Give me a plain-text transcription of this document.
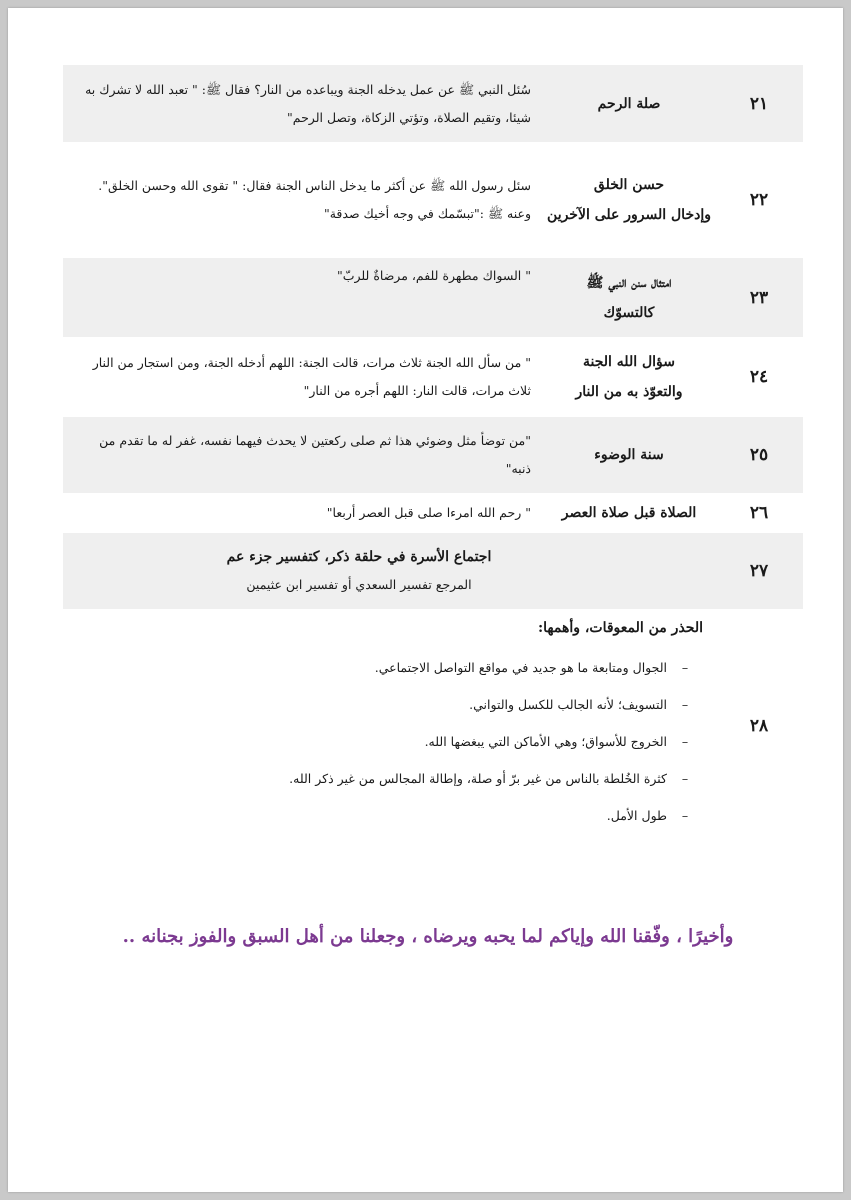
٢١
صلة الرحم

سُئل النبي ﷺ عن عمل يدخله الجنة ويباعده من النار؟ فقال ﷺ: " تعبد الله لا تشرك به شيئا، وتقيم الصلاة، وتؤتي الزكاة، وتصل الرحم"

٢٢
حسن الخلق
وإدخال السرور على الآخرين

سئل رسول الله ﷺ عن أكثر ما يدخل الناس الجنة فقال: " تقوى الله وحسن الخلق".

وعنه ﷺ :"تبسّمك في وجه أخيك صدقة"

٢٣
امتثال سنن النبي ﷺ
كالتسوّك

" السواك مطهرة للفم، مرضاةٌ للربّ"

٢٤
سؤال الله الجنة
والتعوّذ به من النار

" من سأل الله الجنة ثلاث مرات، قالت الجنة: اللهم أدخله الجنة، ومن استجار من النار ثلاث مرات، قالت النار: اللهم أجره من النار"

٢٥
سنة الوضوء

"من توضأ مثل وضوئي هذا ثم صلى ركعتين لا يحدث فيهما نفسه، غفر له ما تقدم من ذنبه"

٢٦
الصلاة قبل صلاة العصر

" رحم الله امرءا صلى قبل العصر أربعا"

٢٧
اجتماع الأسرة في حلقة ذكر، كتفسير جزء عم
المرجع تفسير السعدي أو تفسير ابن عثيمين
٢٨
الحذر من المعوقات، وأهمها:
–
الجوال ومتابعة ما هو جديد في مواقع التواصل الاجتماعي.
–
التسويف؛ لأنه الجالب للكسل والتواني.
–
الخروج للأسواق؛ وهي الأماكن التي يبغضها الله.
–
كثرة الخُلطة بالناس من غير برّ أو صلة، وإطالة المجالس من غير ذكر الله.
–
طول الأمل.
وأخيرًا ، وفّقنا الله وإياكم لما يحبه ويرضاه ، وجعلنا من أهل السبق والفوز بجنانه ..
